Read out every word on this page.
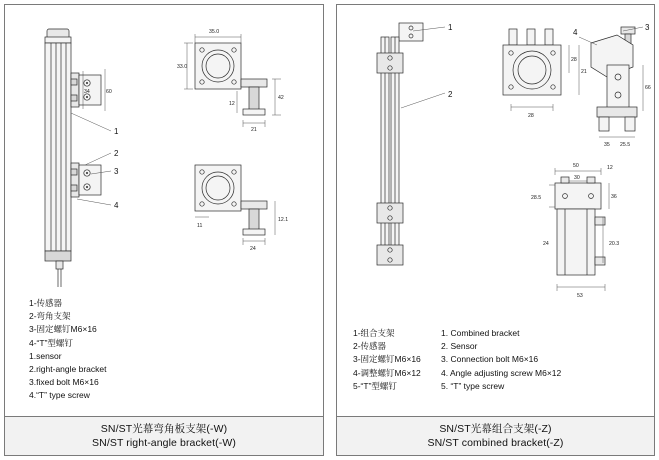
34	60
1
2
3
4
35.0
33.0
12
42
21
11
24
12.1
1-传感器
2-弯角支架
3-固定螺钉M6×16
4-“T”型螺钉
1.sensor
2.right-angle bracket
3.fixed bolt M6×16
4.“T” type screw
SN/ST光幕弯角板支架(-W)
SN/ST right-angle bracket(-W)
1
2
28
21
28
3
4
66
35 25.5
50
30
12
36
28.5
20.3
24
53
1-组合支架
2-传感器
3-固定螺钉M6×16
4-调整螺钉M6×12
5-“T”型螺钉
1. Combined bracket
2. Sensor
3. Connection bolt M6×16
4. Angle adjusting screw M6×12
5. “T” type screw
SN/ST光幕组合支架(-Z)
SN/ST combined bracket(-Z)
